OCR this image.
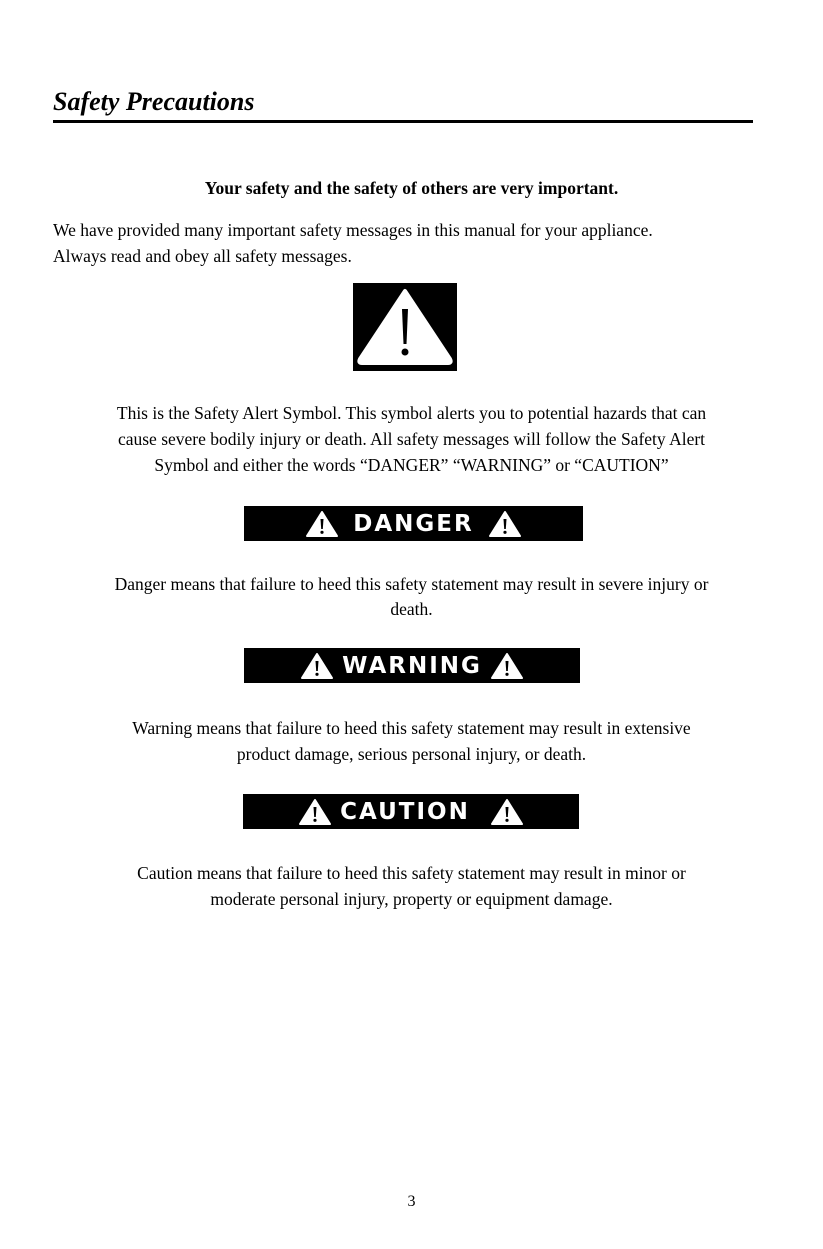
Safety Precautions

Your safety and the safety of others are very important.

We have provided many important safety messages in this manual for your appliance.

Always read and obey all safety messages.

This is the Safety Alert Symbol. This symbol alerts you to potential hazards that can

cause severe bodily injury or death. All safety messages will follow the Safety Alert

Symbol and either the words “DANGER” “WARNING” or “CAUTION”

DANGER

Danger means that failure to heed this safety statement may result in severe injury or

death.

WARNING

Warning means that failure to heed this safety statement may result in extensive

product damage, serious personal injury, or death.

CAUTION

Caution means that failure to heed this safety statement may result in minor or

moderate personal injury, property or equipment damage.

3
